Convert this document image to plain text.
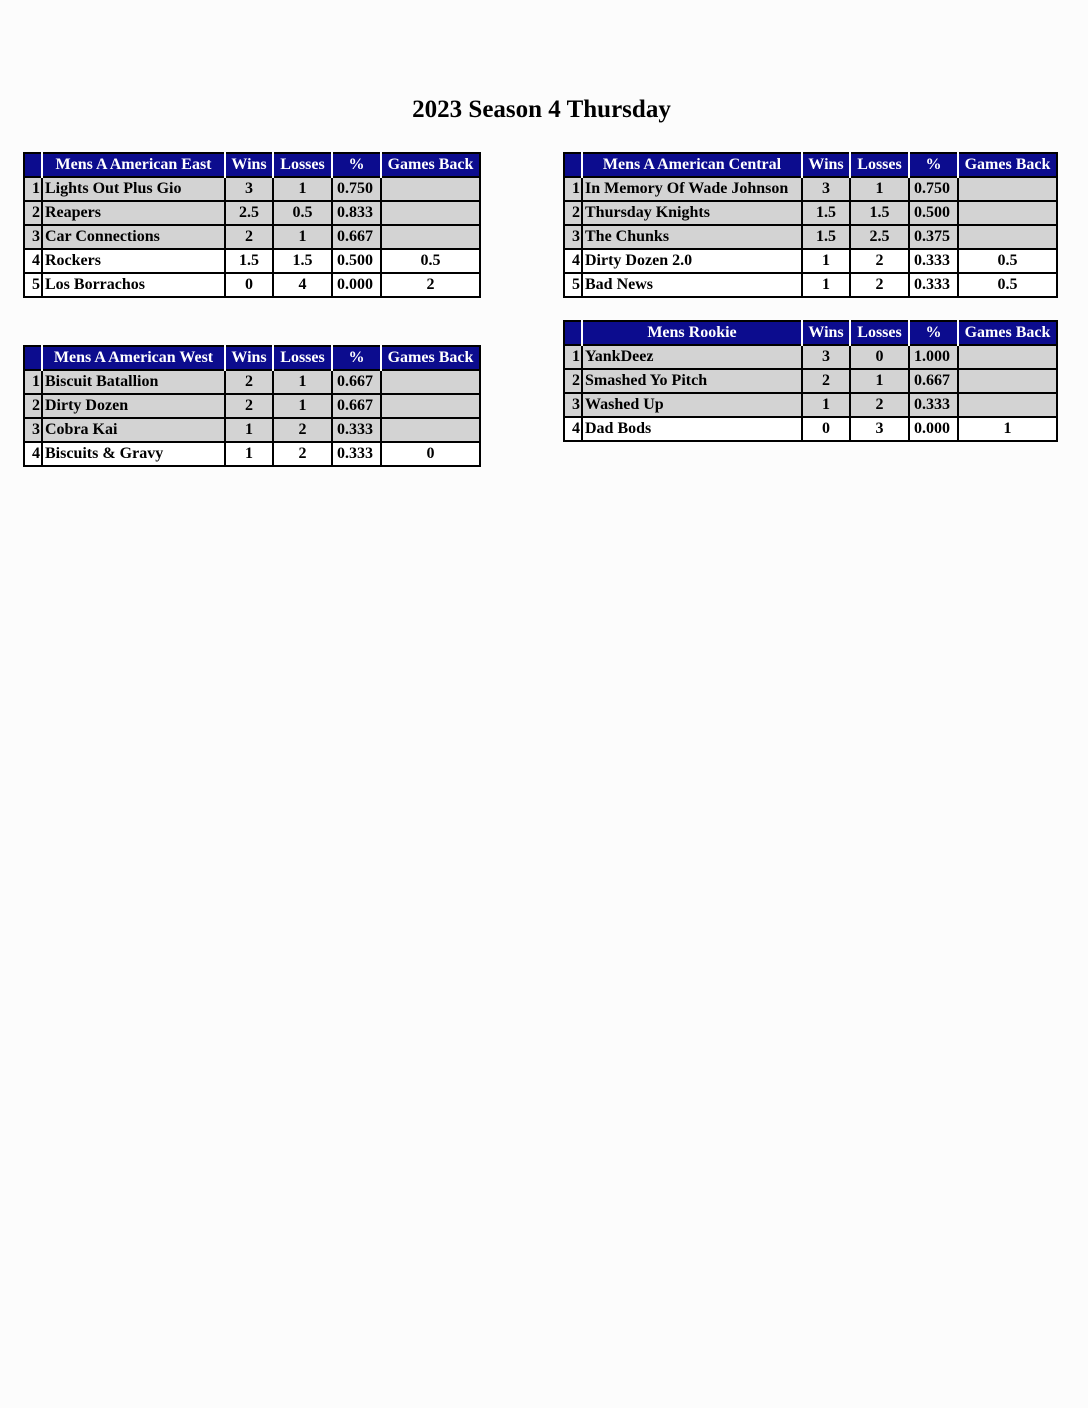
2023 Season 4 Thursday
	Mens A American East	Wins	Losses	%	Games Back
1	Lights Out Plus Gio	3	1	0.750	
2	Reapers	2.5	0.5	0.833	
3	Car Connections	2	1	0.667	
4	Rockers	1.5	1.5	0.500	0.5
5	Los Borrachos	0	4	0.000	2
	Mens A American Central	Wins	Losses	%	Games Back
1	In Memory Of Wade Johnson	3	1	0.750	
2	Thursday Knights	1.5	1.5	0.500	
3	The Chunks	1.5	2.5	0.375	
4	Dirty Dozen 2.0	1	2	0.333	0.5
5	Bad News	1	2	0.333	0.5
	Mens A American West	Wins	Losses	%	Games Back
1	Biscuit Batallion	2	1	0.667	
2	Dirty Dozen	2	1	0.667	
3	Cobra Kai	1	2	0.333	
4	Biscuits & Gravy	1	2	0.333	0
	Mens Rookie	Wins	Losses	%	Games Back
1	YankDeez	3	0	1.000	
2	Smashed Yo Pitch	2	1	0.667	
3	Washed Up	1	2	0.333	
4	Dad Bods	0	3	0.000	1
